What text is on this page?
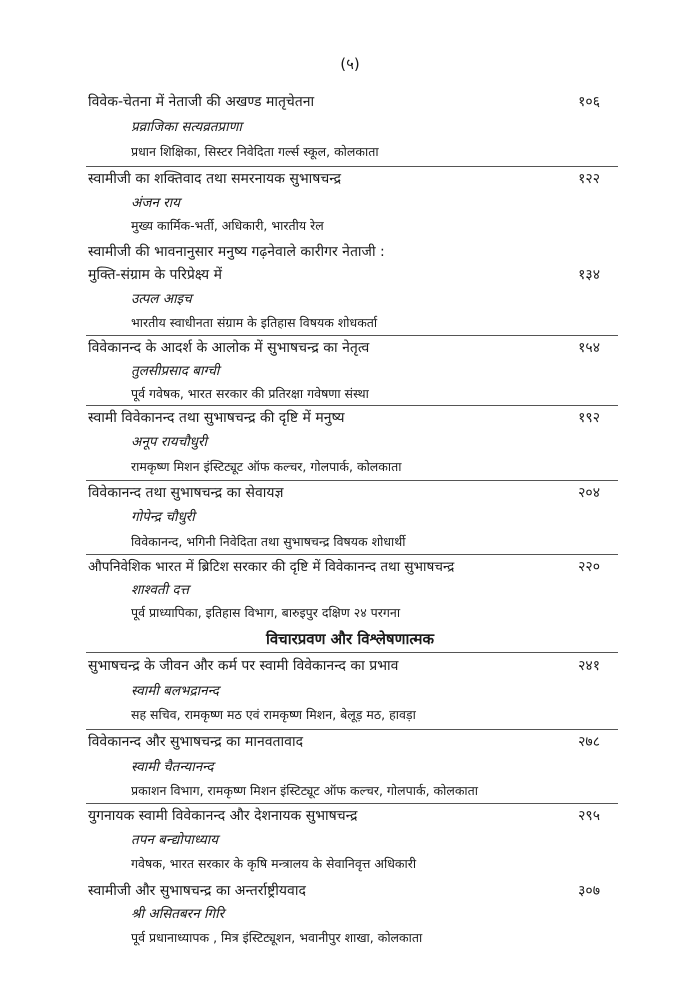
(५)
विवेक-चेतना में नेताजी की अखण्ड मातृचेतना	१०६
प्रव्राजिका सत्यव्रतप्राणा
प्रधान शिक्षिका, सिस्टर निवेदिता गर्ल्स स्कूल, कोलकाता
स्वामीजी का शक्तिवाद तथा समरनायक सुभाषचन्द्र	१२२
अंजन राय
मुख्य कार्मिक-भर्ती, अधिकारी, भारतीय रेल
स्वामीजी की भावनानुसार मनुष्य गढ़नेवाले कारीगर नेताजी :
मुक्ति-संग्राम के परिप्रेक्ष्य में	१३४
उत्पल आइच
भारतीय स्वाधीनता संग्राम के इतिहास विषयक शोधकर्ता
विवेकानन्द के आदर्श के आलोक में सुभाषचन्द्र का नेतृत्व	१५४
तुलसीप्रसाद बाग्ची
पूर्व गवेषक, भारत सरकार की प्रतिरक्षा गवेषणा संस्था
स्वामी विवेकानन्द तथा सुभाषचन्द्र की दृष्टि में मनुष्य	१९२
अनूप रायचौधुरी
रामकृष्ण मिशन इंस्टिट्यूट ऑफ कल्चर, गोलपार्क, कोलकाता
विवेकानन्द तथा सुभाषचन्द्र का सेवायज्ञ	२०४
गोपेन्द्र चौधुरी
विवेकानन्द, भगिनी निवेदिता तथा सुभाषचन्द्र विषयक शोधार्थी
औपनिवेशिक भारत में ब्रिटिश सरकार की दृष्टि में विवेकानन्द तथा सुभाषचन्द्र	२२०
शाश्वती दत्त
पूर्व प्राध्यापिका, इतिहास विभाग, बारुइपुर दक्षिण २४ परगना
विचारप्रवण और विश्लेषणात्मक
सुभाषचन्द्र के जीवन और कर्म पर स्वामी विवेकानन्द का प्रभाव	२४१
स्वामी बलभद्रानन्द
सह सचिव, रामकृष्ण मठ एवं रामकृष्ण मिशन, बेलूड़ मठ, हावड़ा
विवेकानन्द और सुभाषचन्द्र का मानवतावाद	२७८
स्वामी चैतन्यानन्द
प्रकाशन विभाग, रामकृष्ण मिशन इंस्टिट्यूट ऑफ कल्चर, गोलपार्क, कोलकाता
युगनायक स्वामी विवेकानन्द और देशनायक सुभाषचन्द्र	२९५
तपन बन्द्योपाध्याय
गवेषक, भारत सरकार के कृषि मन्त्रालय के सेवानिवृत्त अधिकारी
स्वामीजी और सुभाषचन्द्र का अन्तर्राष्ट्रीयवाद	३०७
श्री असितबरन गिरि
पूर्व प्रधानाध्यापक , मित्र इंस्टिट्यूशन, भवानीपुर शाखा, कोलकाता
